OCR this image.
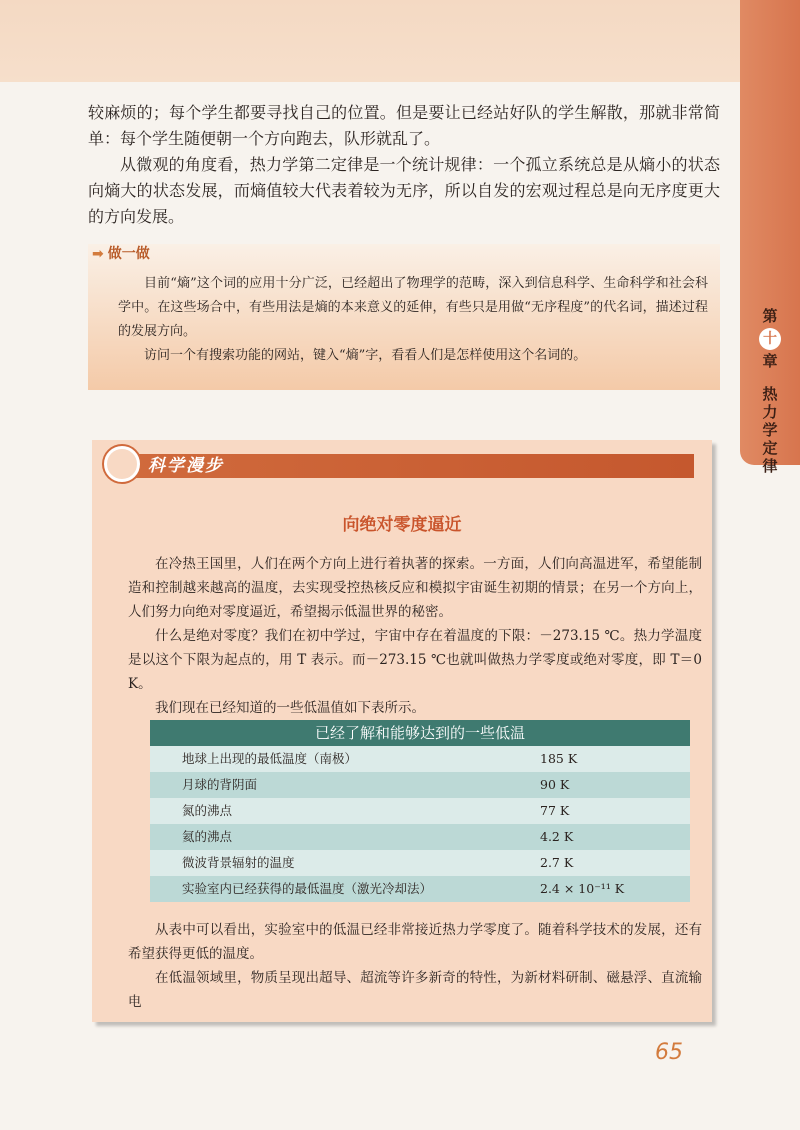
第
十
章
热
力
学
定
律
较麻烦的；每个学生都要寻找自己的位置。但是要让已经站好队的学生解散，那就非常简单：每个学生随便朝一个方向跑去，队形就乱了。
从微观的角度看，热力学第二定律是一个统计规律：一个孤立系统总是从熵小的状态向熵大的状态发展，而熵值较大代表着较为无序，所以自发的宏观过程总是向无序度更大的方向发展。
➡ 做一做

目前“熵”这个词的应用十分广泛，已经超出了物理学的范畴，深入到信息科学、生命科学和社会科学中。在这些场合中，有些用法是熵的本来意义的延伸，有些只是用做“无序程度”的代名词，描述过程的发展方向。

访问一个有搜索功能的网站，键入“熵”字，看看人们是怎样使用这个名词的。

科学漫步
向绝对零度逼近

在冷热王国里，人们在两个方向上进行着执著的探索。一方面，人们向高温进军，希望能制造和控制越来越高的温度，去实现受控热核反应和模拟宇宙诞生初期的情景；在另一个方向上，人们努力向绝对零度逼近，希望揭示低温世界的秘密。

什么是绝对零度？我们在初中学过，宇宙中存在着温度的下限：－273.15 ℃。热力学温度是以这个下限为起点的，用 T 表示。而－273.15 ℃也就叫做热力学零度或绝对零度，即 T＝0 K。

我们现在已经知道的一些低温值如下表所示。

已经了解和能够达到的一些低温
地球上出现的最低温度（南极）	185 K
月球的背阴面	90 K
氮的沸点	77 K
氦的沸点	4.2 K
微波背景辐射的温度	2.7 K
实验室内已经获得的最低温度（激光冷却法）	2.4 × 10⁻¹¹ K

从表中可以看出，实验室中的低温已经非常接近热力学零度了。随着科学技术的发展，还有希望获得更低的温度。

在低温领域里，物质呈现出超导、超流等许多新奇的特性，为新材料研制、磁悬浮、直流输电

65
